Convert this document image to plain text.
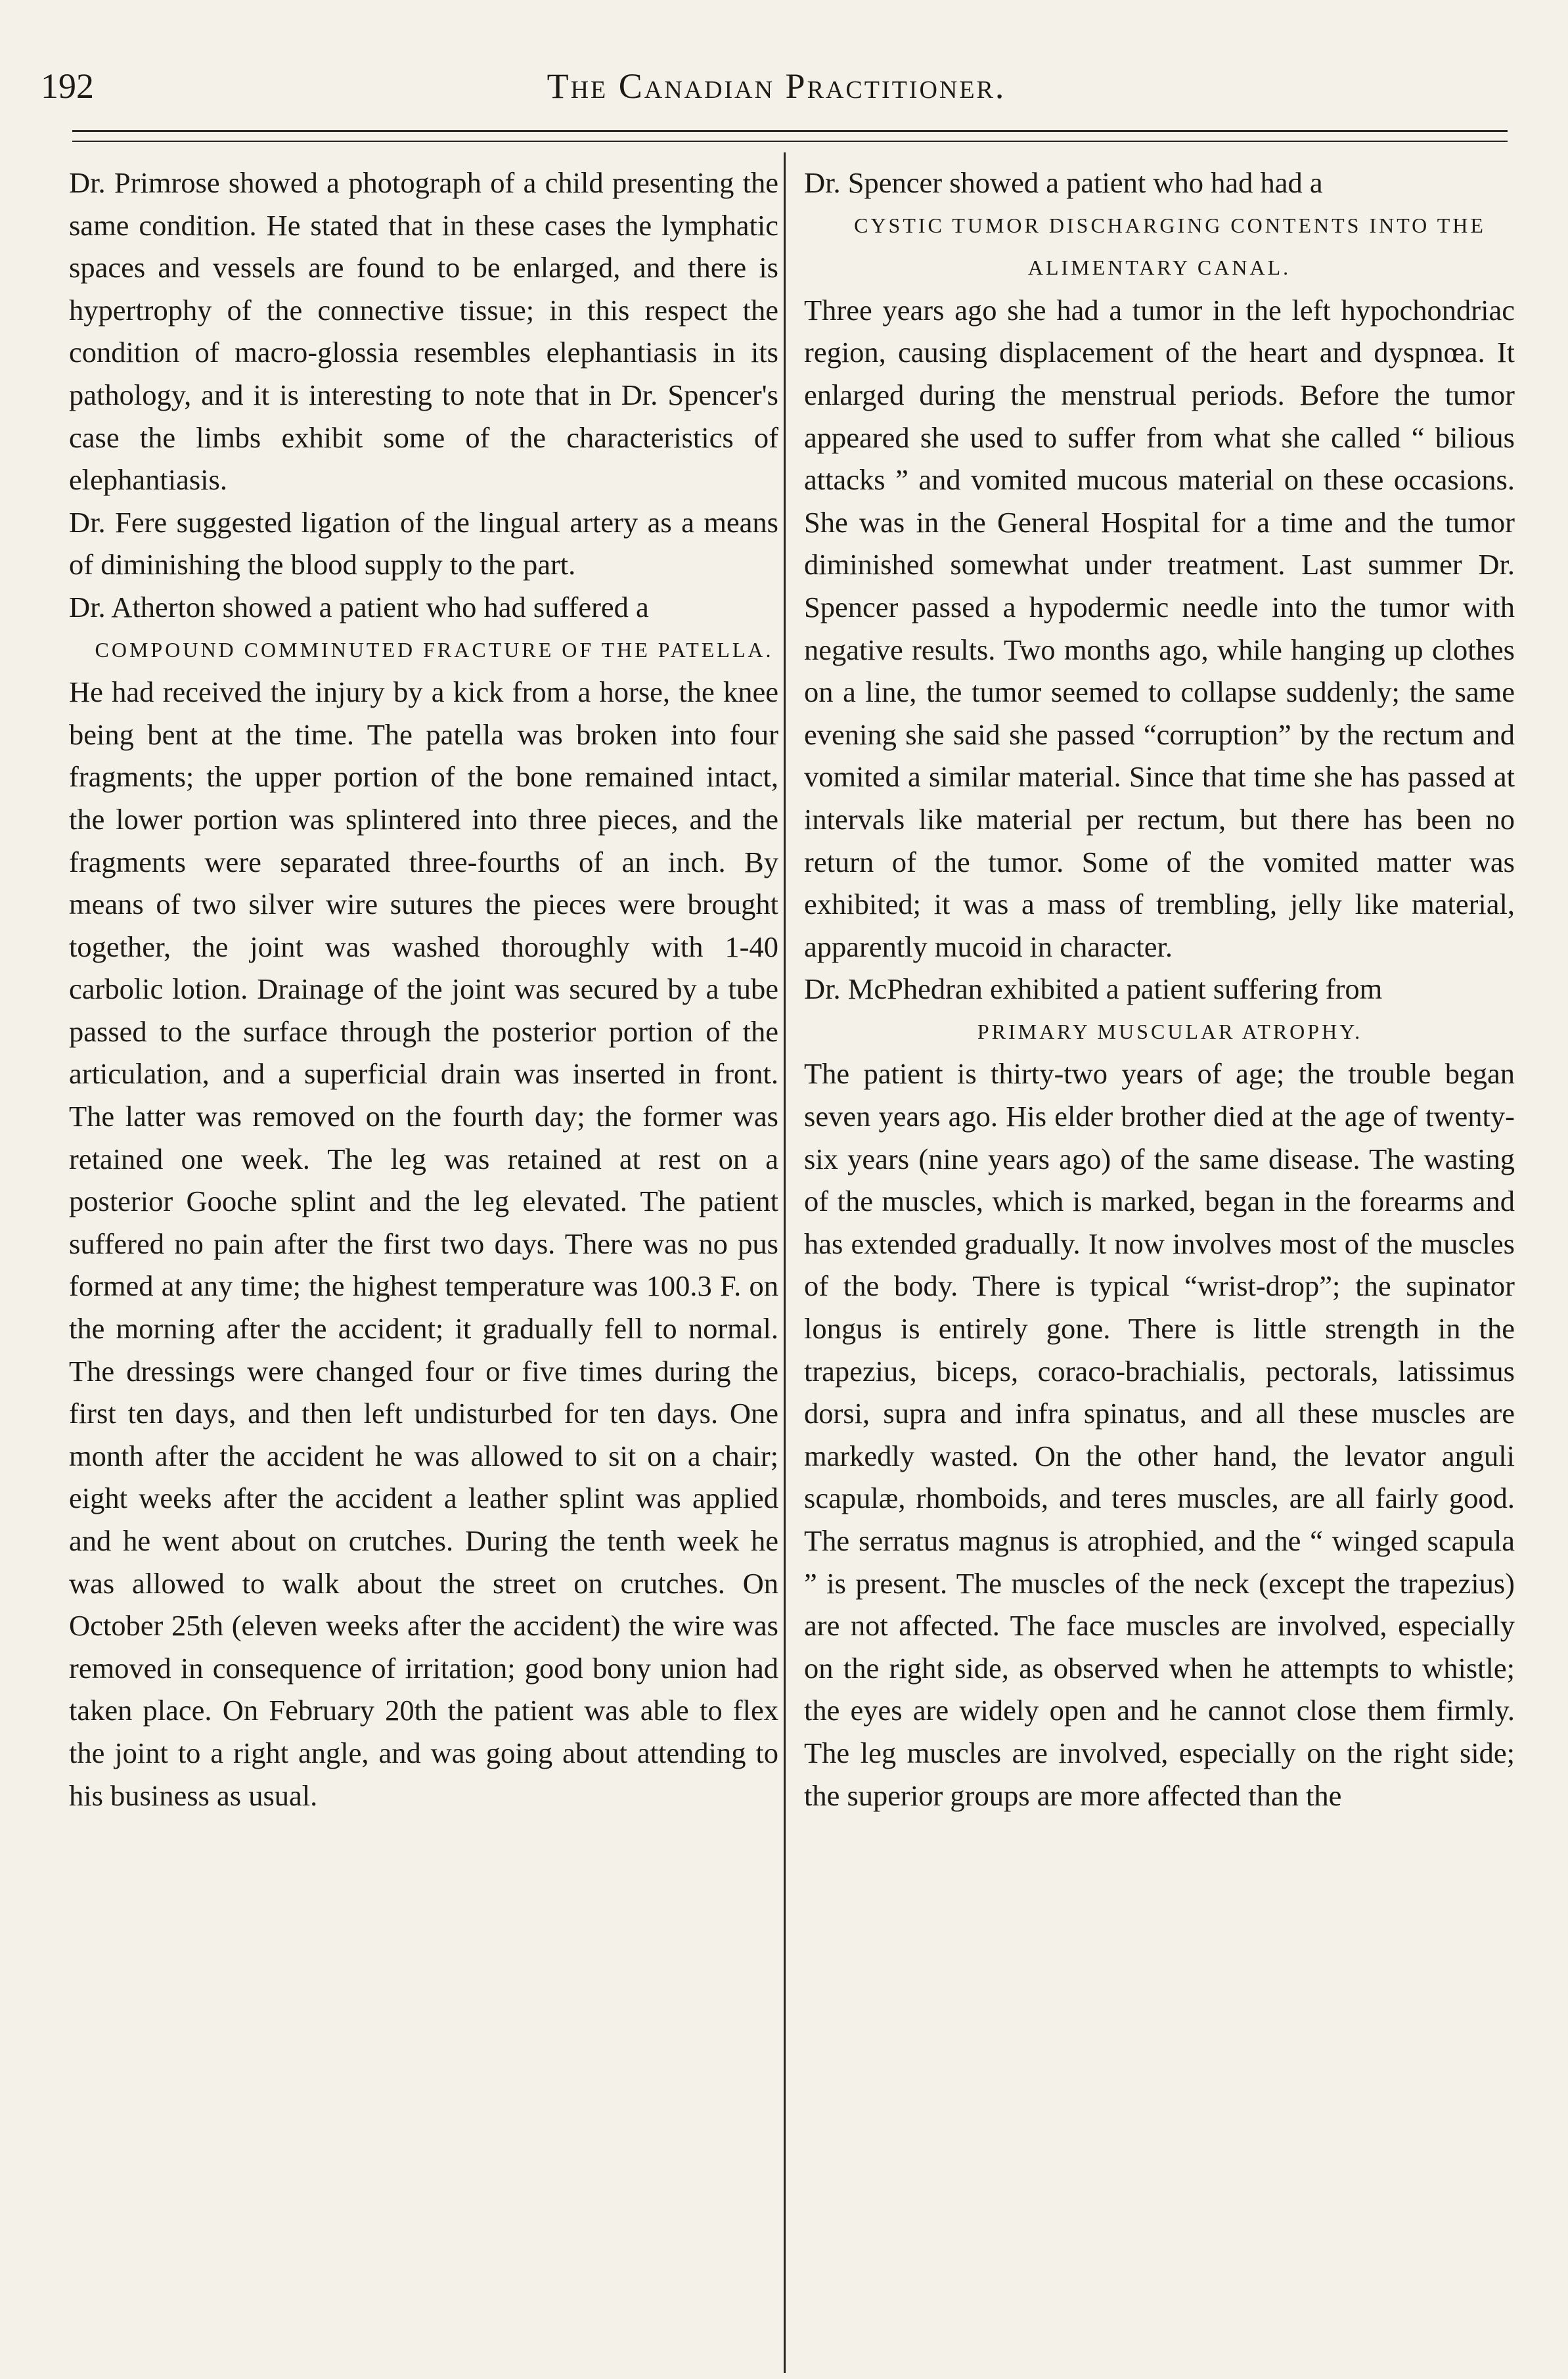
192	The Canadian Practitioner.

Dr. Primrose showed a photograph of a child presenting the same condition. He stated that in these cases the lymphatic spaces and vessels are found to be enlarged, and there is hypertrophy of the connective tissue; in this respect the condition of macro-glossia resembles elephantiasis in its pathology, and it is interesting to note that in Dr. Spencer's case the limbs exhibit some of the characteristics of elephantiasis.

Dr. Fere suggested ligation of the lingual artery as a means of diminishing the blood supply to the part.

Dr. Atherton showed a patient who had suffered a

COMPOUND COMMINUTED FRACTURE OF THE PATELLA.

He had received the injury by a kick from a horse, the knee being bent at the time. The patella was broken into four fragments; the upper portion of the bone remained intact, the lower portion was splintered into three pieces, and the fragments were separated three-fourths of an inch. By means of two silver wire sutures the pieces were brought together, the joint was washed thoroughly with 1-40 carbolic lotion. Drainage of the joint was secured by a tube passed to the surface through the posterior portion of the articulation, and a superficial drain was inserted in front. The latter was removed on the fourth day; the former was retained one week. The leg was retained at rest on a posterior Gooche splint and the leg elevated. The patient suffered no pain after the first two days. There was no pus formed at any time; the highest temperature was 100.3 F. on the morning after the accident; it gradually fell to normal. The dressings were changed four or five times during the first ten days, and then left undisturbed for ten days. One month after the accident he was allowed to sit on a chair; eight weeks after the accident a leather splint was applied and he went about on crutches. During the tenth week he was allowed to walk about the street on crutches. On October 25th (eleven weeks after the accident) the wire was removed in consequence of irritation; good bony union had taken place. On February 20th the patient was able to flex the joint to a right angle, and was going about attending to his business as usual.

Dr. Spencer showed a patient who had had a

CYSTIC TUMOR DISCHARGING CONTENTS INTO THE ALIMENTARY CANAL.

Three years ago she had a tumor in the left hypochondriac region, causing displacement of the heart and dyspnœa. It enlarged during the menstrual periods. Before the tumor appeared she used to suffer from what she called “ bilious attacks ” and vomited mucous material on these occasions. She was in the General Hospital for a time and the tumor diminished somewhat under treatment. Last summer Dr. Spencer passed a hypodermic needle into the tumor with negative results. Two months ago, while hanging up clothes on a line, the tumor seemed to collapse suddenly; the same evening she said she passed “corruption” by the rectum and vomited a similar material. Since that time she has passed at intervals like material per rectum, but there has been no return of the tumor. Some of the vomited matter was exhibited; it was a mass of trembling, jelly like material, apparently mucoid in character.

Dr. McPhedran exhibited a patient suffering from

PRIMARY MUSCULAR ATROPHY.

The patient is thirty-two years of age; the trouble began seven years ago. His elder brother died at the age of twenty-six years (nine years ago) of the same disease. The wasting of the muscles, which is marked, began in the forearms and has extended gradually. It now involves most of the muscles of the body. There is typical “wrist-drop”; the supinator longus is entirely gone. There is little strength in the trapezius, biceps, coraco-brachialis, pectorals, latissimus dorsi, supra and infra spinatus, and all these muscles are markedly wasted. On the other hand, the levator anguli scapulæ, rhomboids, and teres muscles, are all fairly good. The serratus magnus is atrophied, and the “ winged scapula ” is present. The muscles of the neck (except the trapezius) are not affected. The face muscles are involved, especially on the right side, as observed when he attempts to whistle; the eyes are widely open and he cannot close them firmly. The leg muscles are involved, especially on the right side; the superior groups are more affected than the
